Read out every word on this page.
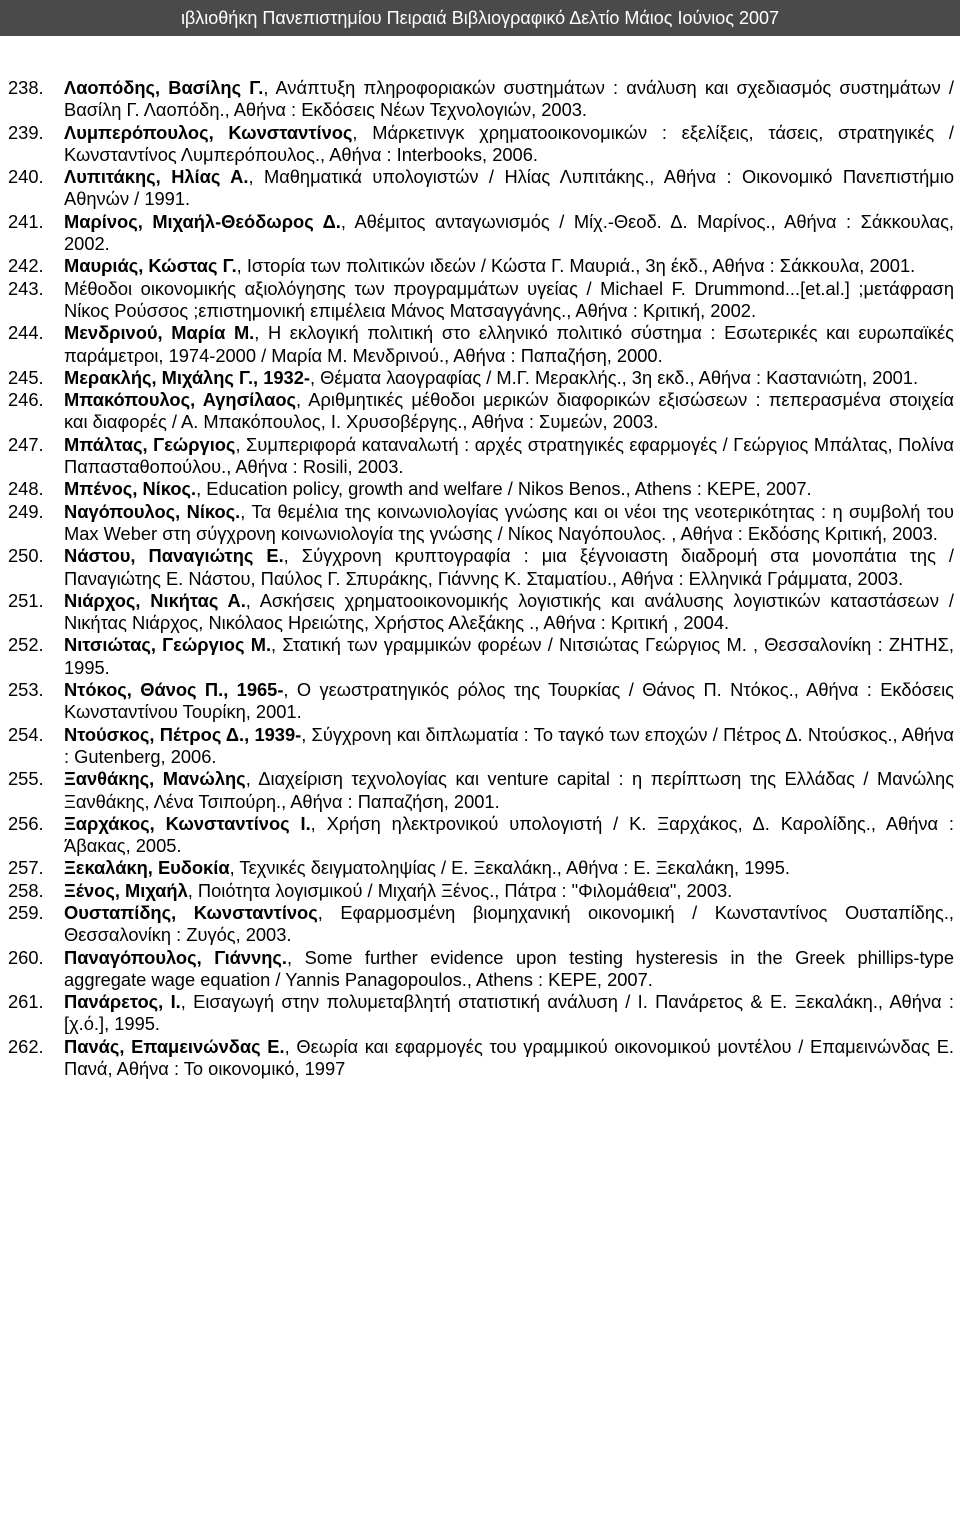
ιβλιοθήκη Πανεπιστημίου Πειραιά Βιβλιογραφικό Δελτίο Μάιος Ιούνιος 2007
238.	Λαοπόδης, Βασίλης Γ., Ανάπτυξη πληροφοριακών συστημάτων : ανάλυση και σχεδιασμός συστημάτων / Βασίλη Γ. Λαοπόδη., Αθήνα : Εκδόσεις Νέων Τεχνολογιών, 2003.
239.	Λυμπερόπουλος, Κωνσταντίνος, Μάρκετινγκ χρηματοοικονομικών : εξελίξεις, τάσεις, στρατηγικές / Κωνσταντίνος Λυμπερόπουλος., Αθήνα : Interbooks, 2006.
240.	Λυπιτάκης, Ηλίας Α., Μαθηματικά υπολογιστών / Ηλίας Λυπιτάκης., Αθήνα : Οικονομικό Πανεπιστήμιο Αθηνών / 1991.
241.	Μαρίνος, Μιχαήλ-Θεόδωρος Δ., Αθέμιτος ανταγωνισμός / Μίχ.-Θεοδ. Δ. Μαρίνος., Αθήνα : Σάκκουλας, 2002.
242.	Μαυριάς, Κώστας Γ., Ιστορία των πολιτικών ιδεών / Κώστα Γ. Μαυριά., 3η έκδ., Αθήνα : Σάκκουλα, 2001.
243.	Μέθοδοι οικονομικής αξιολόγησης των προγραμμάτων υγείας / Michael F. Drummond...[et.al.] ;μετάφραση Νίκος Ρούσσος ;επιστημονική επιμέλεια Μάνος Ματσαγγάνης., Αθήνα : Κριτική, 2002.
244.	Μενδρινού, Μαρία Μ., Η εκλογική πολιτική στο ελληνικό πολιτικό σύστημα : Εσωτερικές και ευρωπαϊκές παράμετροι, 1974-2000 / Μαρία Μ. Μενδρινού., Αθήνα : Παπαζήση, 2000.
245.	Μερακλής, Μιχάλης Γ., 1932-, Θέματα λαογραφίας / Μ.Γ. Μερακλής., 3η εκδ., Αθήνα : Καστανιώτη, 2001.
246.	Μπακόπουλος, Αγησίλαος, Αριθμητικές μέθοδοι μερικών διαφορικών εξισώσεων : πεπερασμένα στοιχεία και διαφορές / Α. Μπακόπουλος, Ι. Χρυσοβέργης., Αθήνα : Συμεών, 2003.
247.	Μπάλτας, Γεώργιος, Συμπεριφορά καταναλωτή : αρχές στρατηγικές εφαρμογές / Γεώργιος Μπάλτας, Πολίνα Παπασταθοπούλου., Αθήνα : Rosili, 2003.
248.	Μπένος, Νίκος., Education policy, growth and welfare / Nikos Benos., Athens : KEPE, 2007.
249.	Ναγόπουλος, Νίκος., Τα θεμέλια της κοινωνιολογίας γνώσης και οι νέοι της νεοτερικότητας : η συμβολή του Max Weber στη σύγχρονη κοινωνιολογία της γνώσης / Νίκος Ναγόπουλος. , Αθήνα : Εκδόσης Κριτική, 2003.
250.	Νάστου, Παναγιώτης Ε., Σύγχρονη κρυπτογραφία : μια ξέγνοιαστη διαδρομή στα μονοπάτια της / Παναγιώτης Ε. Νάστου, Παύλος Γ. Σπυράκης, Γιάννης Κ. Σταματίου., Αθήνα : Ελληνικά Γράμματα, 2003.
251.	Νιάρχος, Νικήτας Α., Ασκήσεις χρηματοοικονομικής λογιστικής και ανάλυσης λογιστικών καταστάσεων / Νικήτας Νιάρχος, Νικόλαος Ηρειώτης, Χρήστος Αλεξάκης ., Αθήνα : Κριτική , 2004.
252.	Νιτσιώτας, Γεώργιος Μ., Στατική των γραμμικών φορέων / Νιτσιώτας Γεώργιος Μ. , Θεσσαλονίκη : ΖΗΤΗΣ, 1995.
253.	Ντόκος, Θάνος Π., 1965-, Ο γεωστρατηγικός ρόλος της Τουρκίας / Θάνος Π. Ντόκος., Αθήνα : Εκδόσεις Κωνσταντίνου Τουρίκη, 2001.
254.	Ντούσκος, Πέτρος Δ., 1939-, Σύγχρονη και διπλωματία : Το ταγκό των εποχών / Πέτρος Δ. Ντούσκος., Αθήνα : Gutenberg, 2006.
255.	Ξανθάκης, Μανώλης, Διαχείριση τεχνολογίας και venture capital : η περίπτωση της Ελλάδας / Μανώλης Ξανθάκης, Λένα Τσιπούρη., Αθήνα : Παπαζήση, 2001.
256.	Ξαρχάκος, Κωνσταντίνος Ι., Χρήση ηλεκτρονικού υπολογιστή / Κ. Ξαρχάκος, Δ. Καρολίδης., Αθήνα : Άβακας, 2005.
257.	Ξεκαλάκη, Ευδοκία, Τεχνικές δειγματοληψίας / Ε. Ξεκαλάκη., Αθήνα : Ε. Ξεκαλάκη, 1995.
258.	Ξένος, Μιχαήλ, Ποιότητα λογισμικού / Μιχαήλ Ξένος., Πάτρα : "Φιλομάθεια", 2003.
259.	Ουσταπίδης, Κωνσταντίνος, Εφαρμοσμένη βιομηχανική οικονομική / Κωνσταντίνος Ουσταπίδης., Θεσσαλονίκη : Ζυγός, 2003.
260.	Παναγόπουλος, Γιάννης., Some further evidence upon testing hysteresis in the Greek phillips-type aggregate wage equation / Yannis Panagopoulos., Athens : KEPE, 2007.
261.	Πανάρετος, Ι., Εισαγωγή στην πολυμεταβλητή στατιστική ανάλυση / Ι. Πανάρετος & Ε. Ξεκαλάκη., Αθήνα : [χ.ό.], 1995.
262.	Πανάς, Επαμεινώνδας Ε., Θεωρία και εφαρμογές του γραμμικού οικονομικού μοντέλου / Επαμεινώνδας Ε. Πανά, Αθήνα : Το οικονομικό, 1997
